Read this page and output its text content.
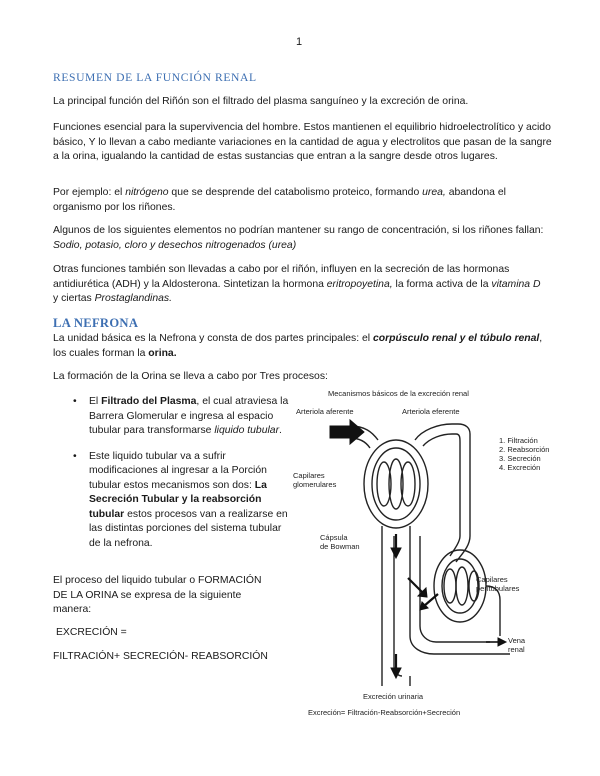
1
RESUMEN DE LA FUNCIÓN RENAL
La principal función del Riñón son el filtrado del plasma sanguíneo y la excreción de orina.
Funciones esencial para la supervivencia del hombre. Estos mantienen el equilibrio hidroelectrolítico y acido básico, Y lo llevan a cabo mediante variaciones en la cantidad de agua y electrolitos que pasan de la sangre a la orina, igualando la cantidad de estas sustancias que entran a la sangre desde otros lugares.
Por ejemplo: el nitrógeno que se desprende del catabolismo proteico, formando urea, abandona el organismo por los riñones.
Algunos de los siguientes elementos no podrían mantener su rango de concentración, si los riñones fallan: Sodio, potasio, cloro y desechos nitrogenados (urea)
Otras funciones también son llevadas a cabo por el riñón, influyen en la secreción de las hormonas antidiurética (ADH) y la Aldosterona. Sintetizan la hormona eritropoyetina, la forma activa de la vitamina D y ciertas Prostaglandinas.
LA NEFRONA
La unidad básica es la Nefrona y consta de dos partes principales: el corpúsculo renal y el túbulo renal, los cuales forman la orina.
La formación de la Orina se lleva a cabo por Tres procesos:
• El Filtrado del Plasma, el cual atraviesa la Barrera Glomerular e ingresa al espacio tubular para transformarse liquido tubular.
• Este liquido tubular va a sufrir modificaciones al ingresar a la Porción tubular estos mecanismos son dos: La Secreción Tubular y la reabsorción tubular estos procesos van a realizarse en las distintas porciones del sistema tubular de la nefrona.
El proceso del liquido tubular o FORMACIÓN DE LA ORINA se expresa de la siguiente manera:
EXCRECIÓN =
FILTRACIÓN+ SECRECIÓN- REABSORCIÓN
Mecanismos básicos de la excreción renal
Arteriola aferente	Arteriola eferente
1. Filtración
2. Reabsorción
3. Secreción
4. Excreción
Capilares
glomerulares
Cápsula
de Bowman
Capilares
peritubulares
Vena
renal
Excreción urinaria
Excreción= Filtración-Reabsorción+Secreción
